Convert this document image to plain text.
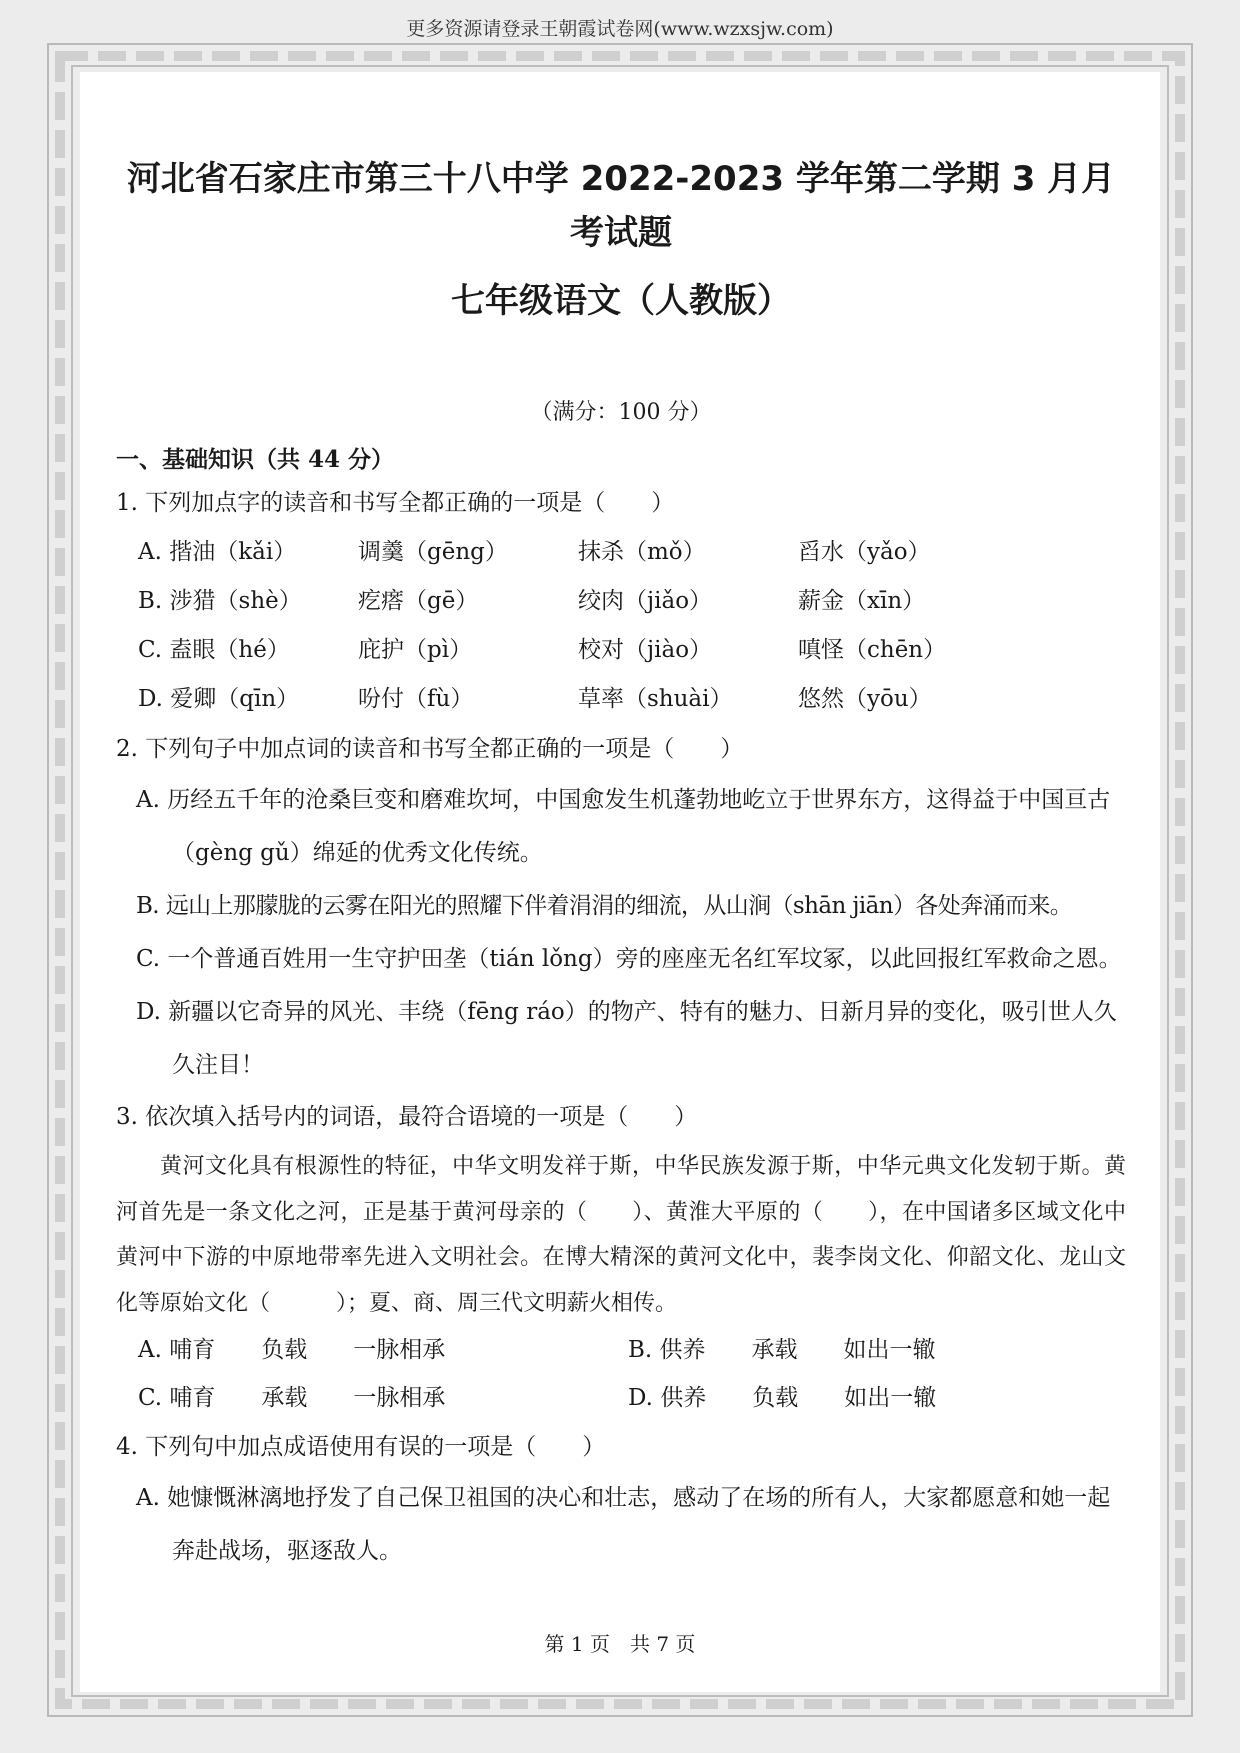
更多资源请登录王朝霞试卷网(www.wzxsjw.com)
河北省石家庄市第三十八中学 2022-2023 学年第二学期 3 月月考试题
七年级语文（人教版）
（满分：100 分）
一、基础知识（共 44 分）

1. 下列加点字的读音和书写全都正确的一项是（　　）

A. 揩油（kǎi）	调羹（gēng）	抹杀（mǒ）	舀水（yǎo）
B. 涉猎（shè）	疙瘩（gē）	绞肉（jiǎo）	薪金（xīn）
C. 盍眼（hé）	庇护（pì）	校对（jiào）	嗔怪（chēn）
D. 爱卿（qīn）	吩付（fù）	草率（shuài）	悠然（yōu）

2. 下列句子中加点词的读音和书写全都正确的一项是（　　）

A. 历经五千年的沧桑巨变和磨难坎坷，中国愈发生机蓬勃地屹立于世界东方，这得益于中国亘古（gèng gǔ）绵延的优秀文化传统。
B. 远山上那朦胧的云雾在阳光的照耀下伴着涓涓的细流，从山涧（shān jiān）各处奔涌而来。
C. 一个普通百姓用一生守护田垄（tián lǒng）旁的座座无名红军坟冢，以此回报红军救命之恩。
D. 新疆以它奇异的风光、丰绕（fēng ráo）的物产、特有的魅力、日新月异的变化，吸引世人久久注目！

3. 依次填入括号内的词语，最符合语境的一项是（　　）

黄河文化具有根源性的特征，中华文明发祥于斯，中华民族发源于斯，中华元典文化发轫于斯。黄河首先是一条文化之河，正是基于黄河母亲的（　　）、黄淮大平原的（　　），在中国诸多区域文化中黄河中下游的中原地带率先进入文明社会。在博大精深的黄河文化中，裴李岗文化、仰韶文化、龙山文化等原始文化（　　　）；夏、商、周三代文明薪火相传。

A. 哺育　　负载　　一脉相承	B. 供养　　承载　　如出一辙
C. 哺育　　承载　　一脉相承	D. 供养　　负载　　如出一辙

4. 下列句中加点成语使用有误的一项是（　　）

A. 她慷慨淋漓地抒发了自己保卫祖国的决心和壮志，感动了在场的所有人，大家都愿意和她一起奔赴战场，驱逐敌人。
第 1 页　共 7 页
